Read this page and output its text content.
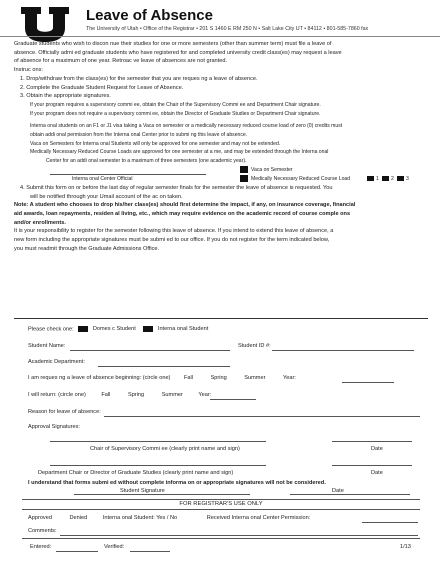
Leave of Absence
The University of Utah • Office of the Registrar • 201 S 1460 E RM 250 N • Salt Lake City UT • 84112 • 801-585-7860 fax
Graduate students who wish to discon nue their studies for one or more semesters (other than summer term) must file a leave of
absence. Officially admi ed graduate students who have registered for and completed university credit class(es) may request a leave
of absence for a maximum of one year. Retroac ve leave of absences are not granted.
Instruc ons:
1. Drop/withdraw from the class(es) for the semester that you are reques ng a leave of absence.
2. Complete the Graduate Student Request for Leave of Absence.
3. Obtain the appropriate signatures.
If your program requires a supervisory commi ee, obtain the Chair of the Supervisory Commi ee and Department Chair signature.
If your program does not require a supervisory commi ee, obtain the Director of Graduate Studies or Department Chair signature.
Interna onal students on an F1 or J1 visa taking a Vaca on semester or a medically necessary reduced course load of zero (0) credits must
obtain addi onal permission from the Interna onal Center prior to submi ng this leave of absence.
Vaca on Semesters for Interna onal Students will only be approved for one semester and may not be extended.
Medically Necessary Reduced Course Loads are approved for one semester at a me, and may be extended through the Interna onal
Center for an addi onal semester to a maximum of three semesters (one academic year).
Vaca on Semester
Interna onal Center Official	Medically Necessary Reduced Course Load	1 2 3
4. Submit this form on or before the last day of regular semester finals for the semester the leave of absence is requested. You
will be notified through your Umail account of the ac on taken.
Note: A student who chooses to drop his/her class(es) should first determine the impact, if any, on insurance coverage, financial
aid awards, loan repayments, residen al living, etc., which may require evidence on the academic record of course comple ons
and/or enrollments.
It is your responsibility to register for the semester following this leave of absence. If you intend to extend this leave of absence, a
new form including the appropriate signatures must be submi ed to our office. If you do not register for the term indicated below,
you must readmit through the Graduate Admissions Office.
Please check one:	Domes c Student	Interna onal Student
Student Name:	Student ID #:
Academic Department:
I am reques ng a leave of absence beginning: (circle one) Fall	Spring	Summer	Year:
I will return: (circle one)	Fall	Spring	Summer	Year:
Reason for leave of absence:
Approval Signatures:
Chair of Supervisory Commi ee (clearly print name and sign)	Date
Department Chair or Director of Graduate Studies (clearly print name and sign)	Date
I understand that forms submi ed without complete informa on or appropriate signatures will not be considered.
Student Signature	Date
FOR REGISTRAR'S USE ONLY
Approved	Denied	Interna onal Student: Yes / No	Received Interna onal Center Permission:
Comments:
Entered:	Verified:	1/13
